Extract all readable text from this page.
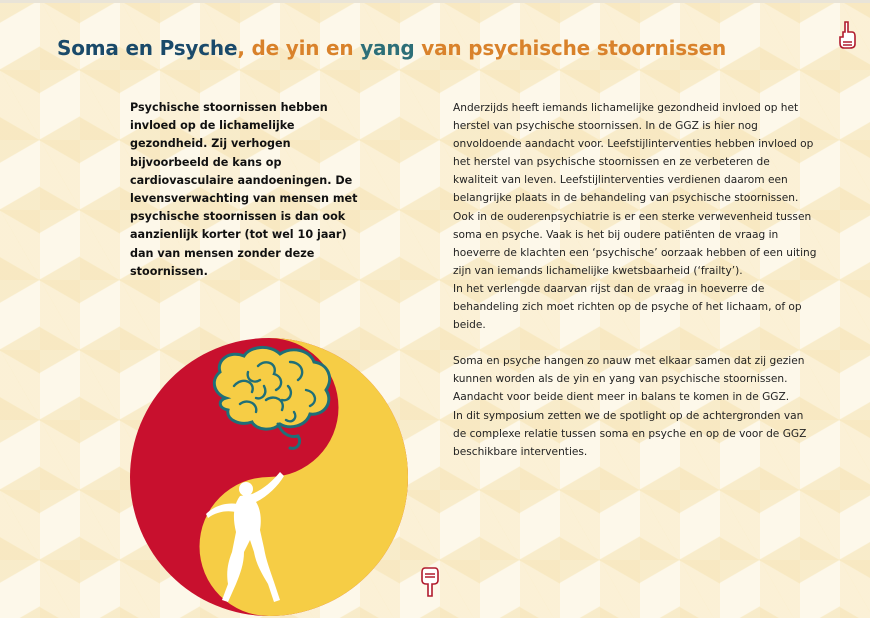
Soma en Psyche, de yin en yang van psychische stoornissen
Psychische stoornissen hebben invloed op de lichamelijke gezondheid. Zij verhogen bijvoorbeeld de kans op cardiovasculaire aandoeningen. De levensverwachting van mensen met psychische stoornissen is dan ook aanzienlijk korter (tot wel 10 jaar) dan van mensen zonder deze stoornissen.

Anderzijds heeft iemands lichamelijke gezondheid invloed op het herstel van psychische stoornissen. In de GGZ is hier nog onvoldoende aandacht voor. Leefstijlinterventies hebben invloed op het herstel van psychische stoornissen en ze verbeteren de kwaliteit van leven. Leefstijlinterventies verdienen daarom een belangrijke plaats in de behandeling van psychische stoornissen. Ook in de ouderenpsychiatrie is er een sterke verwevenheid tussen soma en psyche. Vaak is het bij oudere patiënten de vraag in hoeverre de klachten een ‘psychische’ oorzaak hebben of een uiting zijn van iemands lichamelijke kwetsbaarheid (‘frailty’).
In het verlengde daarvan rijst dan de vraag in hoeverre de behandeling zich moet richten op de psyche of het lichaam, of op beide.

Soma en psyche hangen zo nauw met elkaar samen dat zij gezien kunnen worden als de yin en yang van psychische stoornissen. Aandacht voor beide dient meer in balans te komen in de GGZ.
In dit symposium zetten we de spotlight op de achtergronden van de complexe relatie tussen soma en psyche en op de voor de GGZ beschikbare interventies.
